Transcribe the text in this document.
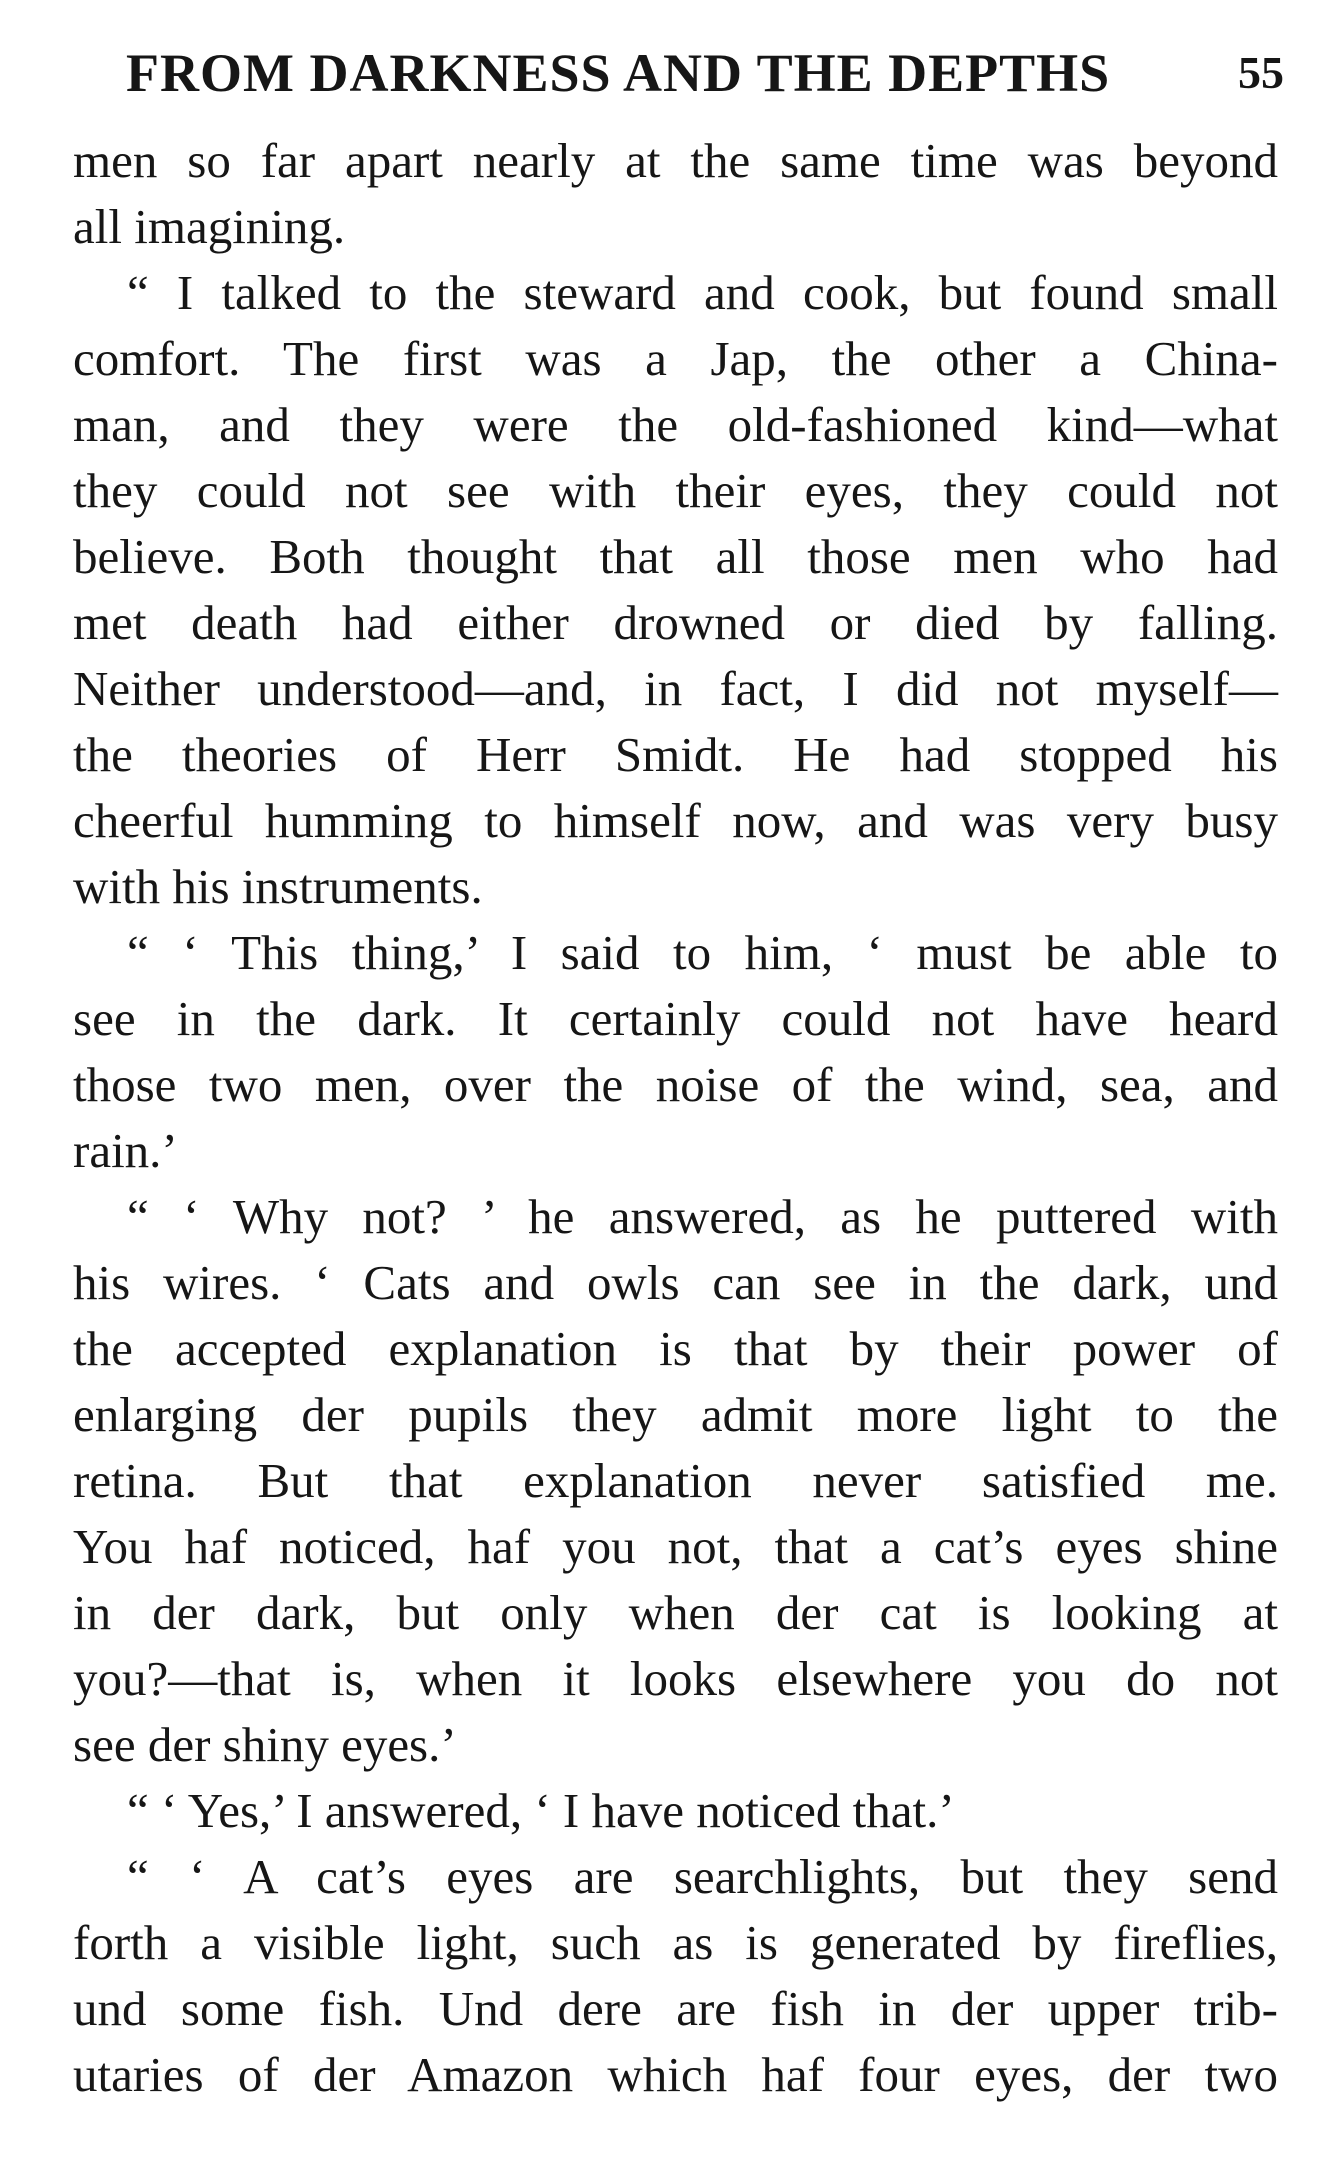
FROM DARKNESS AND THE DEPTHS	55
men so far apart nearly at the same time was beyond
all imagining.
“ I talked to the steward and cook, but found small
comfort. The first was a Jap, the other a China-
man, and they were the old-fashioned kind—what
they could not see with their eyes, they could not
believe. Both thought that all those men who had
met death had either drowned or died by falling.
Neither understood—and, in fact, I did not myself—
the theories of Herr Smidt. He had stopped his
cheerful humming to himself now, and was very busy
with his instruments.
“ ‘ This thing,’ I said to him, ‘ must be able to
see in the dark. It certainly could not have heard
those two men, over the noise of the wind, sea, and
rain.’
“ ‘ Why not? ’ he answered, as he puttered with
his wires. ‘ Cats and owls can see in the dark, und
the accepted explanation is that by their power of
enlarging der pupils they admit more light to the
retina. But that explanation never satisfied me.
You haf noticed, haf you not, that a cat’s eyes shine
in der dark, but only when der cat is looking at
you?—that is, when it looks elsewhere you do not
see der shiny eyes.’
“ ‘ Yes,’ I answered, ‘ I have noticed that.’
“ ‘ A cat’s eyes are searchlights, but they send
forth a visible light, such as is generated by fireflies,
und some fish. Und dere are fish in der upper trib-
utaries of der Amazon which haf four eyes, der two
